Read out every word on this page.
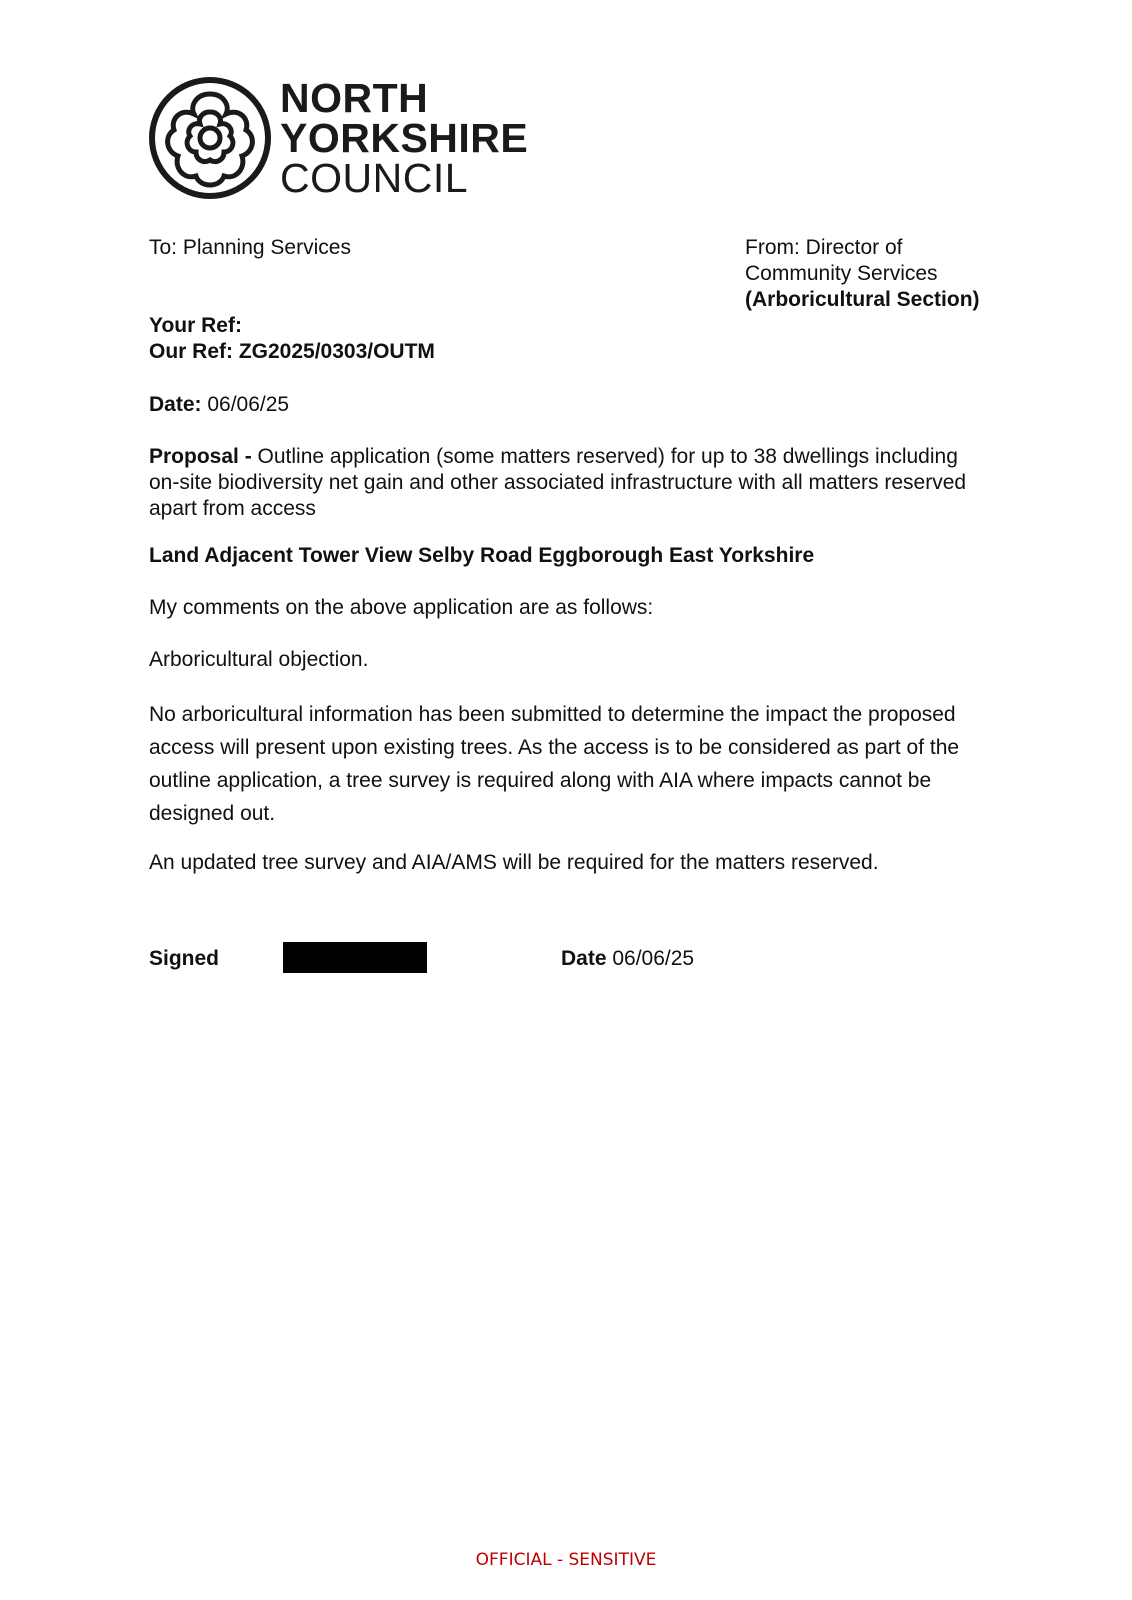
NORTH
YORKSHIRE
COUNCIL
To: Planning Services	From: Director of
Community Services
(Arboricultural Section)
Your Ref:
Our Ref: ZG2025/0303/OUTM
Date: 06/06/25

Proposal - Outline application (some matters reserved) for up to 38 dwellings including on-site biodiversity net gain and other associated infrastructure with all matters reserved apart from access

Land Adjacent Tower View Selby Road Eggborough East Yorkshire

My comments on the above application are as follows:

Arboricultural objection.

No arboricultural information has been submitted to determine the impact the proposed access will present upon existing trees. As the access is to be considered as part of the outline application, a tree survey is required along with AIA where impacts cannot be designed out.

An updated tree survey and AIA/AMS will be required for the matters reserved.

Signed	Date 06/06/25
OFFICIAL - SENSITIVE
